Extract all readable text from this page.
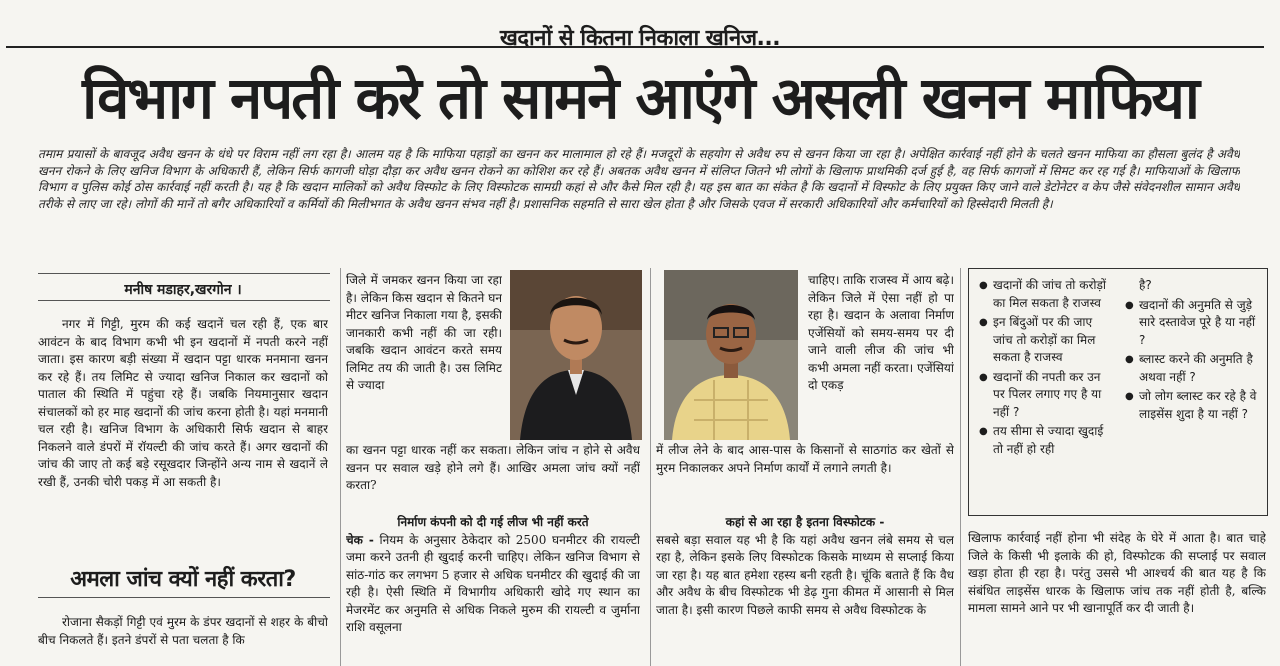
खदानों से कितना निकाला खनिज...
विभाग नपती करे तो सामने आएंगे असली खनन माफिया
तमाम प्रयासों के बावजूद अवैध खनन के धंधे पर विराम नहीं लग रहा है। आलम यह है कि माफिया पहाड़ों का खनन कर मालामाल हो रहे हैं। मजदूरों के सहयोग से अवैध रुप से खनन किया जा रहा है। अपेक्षित कार्रवाई नहीं होने के चलते खनन माफिया का हौसला बुलंद है अवैध खनन रोकने के लिए खनिज विभाग के अधिकारी हैं, लेकिन सिर्फ कागजी घोड़ा दौड़ा कर अवैध खनन रोकने का कोशिश कर रहे हैं। अबतक अवैध खनन में संलिप्त जितने भी लोगों के खिलाफ प्राथमिकी दर्ज हुई है, वह सिर्फ कागजों में सिमट कर रह गई है। माफियाओं के खिलाफ विभाग व पुलिस कोई ठोस कार्रवाई नहीं करती है। यह है कि खदान मालिकों को अवैध विस्फोट के लिए विस्फोटक सामग्री कहां से और कैसे मिल रही है। यह इस बात का संकेत है कि खदानों में विस्फोट के लिए प्रयुक्त किए जाने वाले डेटोनेटर व केप जैसे संवेदनशील सामान अवैध तरीके से लाए जा रहे। लोगों की मानें तो बगैर अधिकारियों व कर्मियों की मिलीभगत के अवैध खनन संभव नहीं है। प्रशासनिक सहमति से सारा खेल होता है और जिसके एवज में सरकारी अधिकारियों और कर्मचारियों को हिस्सेदारी मिलती है।
मनीष मडाहर,खरगोन ।

नगर में गिट्टी, मुरम की कई खदानें चल रही हैं, एक बार आवंटन के बाद विभाग कभी भी इन खदानों में नपती करने नहीं जाता। इस कारण बड़ी संख्या में खदान पट्टा धारक मनमाना खनन कर रहे हैं। तय लिमिट से ज्यादा खनिज निकाल कर खदानों को पाताल की स्थिति में पहुंचा रहे हैं। जबकि नियमानुसार खदान संचालकों को हर माह खदानों की जांच करना होती है। यहां मनमानी चल रही है। खनिज विभाग के अधिकारी सिर्फ खदान से बाहर निकलने वाले डंपरों में रॉयल्टी की जांच करते हैं। अगर खदानों की जांच की जाए तो कई बड़े रसूखदार जिन्होंने अन्य नाम से खदानें ले रखी हैं, उनकी चोरी पकड़ में आ सकती है।

अमला जांच क्यों नहीं करता?

रोजाना सैकड़ों गिट्टी एवं मुरम के डंपर खदानों से शहर के बीचो बीच निकलते हैं। इतने डंपरों से पता चलता है कि

जिले में जमकर खनन किया जा रहा है। लेकिन किस खदान से कितने घन मीटर खनिज निकाला गया है, इसकी जानकारी कभी नहीं की जा रही। जबकि खदान आवंटन करते समय लिमिट तय की जाती है। उस लिमिट से ज्यादा

का खनन पट्टा धारक नहीं कर सकता। लेकिन जांच न होने से अवैध खनन पर सवाल खड़े होने लगे हैं। आखिर अमला जांच क्यों नहीं करता?

निर्माण कंपनी को दी गई लीज भी नहीं करते
चेक - नियम के अनुसार ठेकेदार को 2500 घनमीटर की रायल्टी जमा करने उतनी ही खुदाई करनी चाहिए। लेकिन खनिज विभाग से सांठ-गांठ कर लगभग 5 हजार से अधिक घनमीटर की खुदाई की जा रही है। ऐसी स्थिति में विभागीय अधिकारी खोदे गए स्थान का मेजरमेंट कर अनुमति से अधिक निकले मुरुम की रायल्टी व जुर्माना राशि वसूलना

चाहिए। ताकि राजस्व में आय बढ़े। लेकिन जिले में ऐसा नहीं हो पा रहा है। खदान के अलावा निर्माण एजेंसियों को समय-समय पर दी जाने वाली लीज की जांच भी कभी अमला नहीं करता। एजेंसियां दो एकड़

में लीज लेने के बाद आस-पास के किसानों से साठगांठ कर खेतों से मुरम निकालकर अपने निर्माण कार्यों में लगाने लगती है।

कहां से आ रहा है इतना विस्फोटक -
सबसे बड़ा सवाल यह भी है कि यहां अवैध खनन लंबे समय से चल रहा है, लेकिन इसके लिए विस्फोटक किसके माध्यम से सप्लाई किया जा रहा है। यह बात हमेशा रहस्य बनी रहती है। चूंकि बताते हैं कि वैध और अवैध के बीच विस्फोटक भी डेढ़ गुना कीमत में आसानी से मिल जाता है। इसी कारण पिछले काफी समय से अवैध विस्फोटक के

● खदानों की जांच तो करोड़ों का मिल सकता है राजस्व
● इन बिंदुओं पर की जाए जांच तो करोड़ों का मिल सकता है राजस्व
● खदानों की नपती कर उन पर पिलर लगाए गए है या नहीं ?
● तय सीमा से ज्यादा खुदाई तो नहीं हो रही
है?
● खदानों की अनुमति से जुड़े सारे दस्तावेज पूरे है या नहीं ?
● ब्लास्ट करने की अनुमति है अथवा नहीं ?
● जो लोग ब्लास्ट कर रहे है वे लाइसेंस शुदा है या नहीं ?

खिलाफ कार्रवाई नहीं होना भी संदेह के घेरे में आता है। बात चाहे जिले के किसी भी इलाके की हो, विस्फोटक की सप्लाई पर सवाल खड़ा होता ही रहा है। परंतु उससे भी आश्चर्य की बात यह है कि संबंधित लाइसेंस धारक के खिलाफ जांच तक नहीं होती है, बल्कि मामला सामने आने पर भी खानापूर्ति कर दी जाती है।
